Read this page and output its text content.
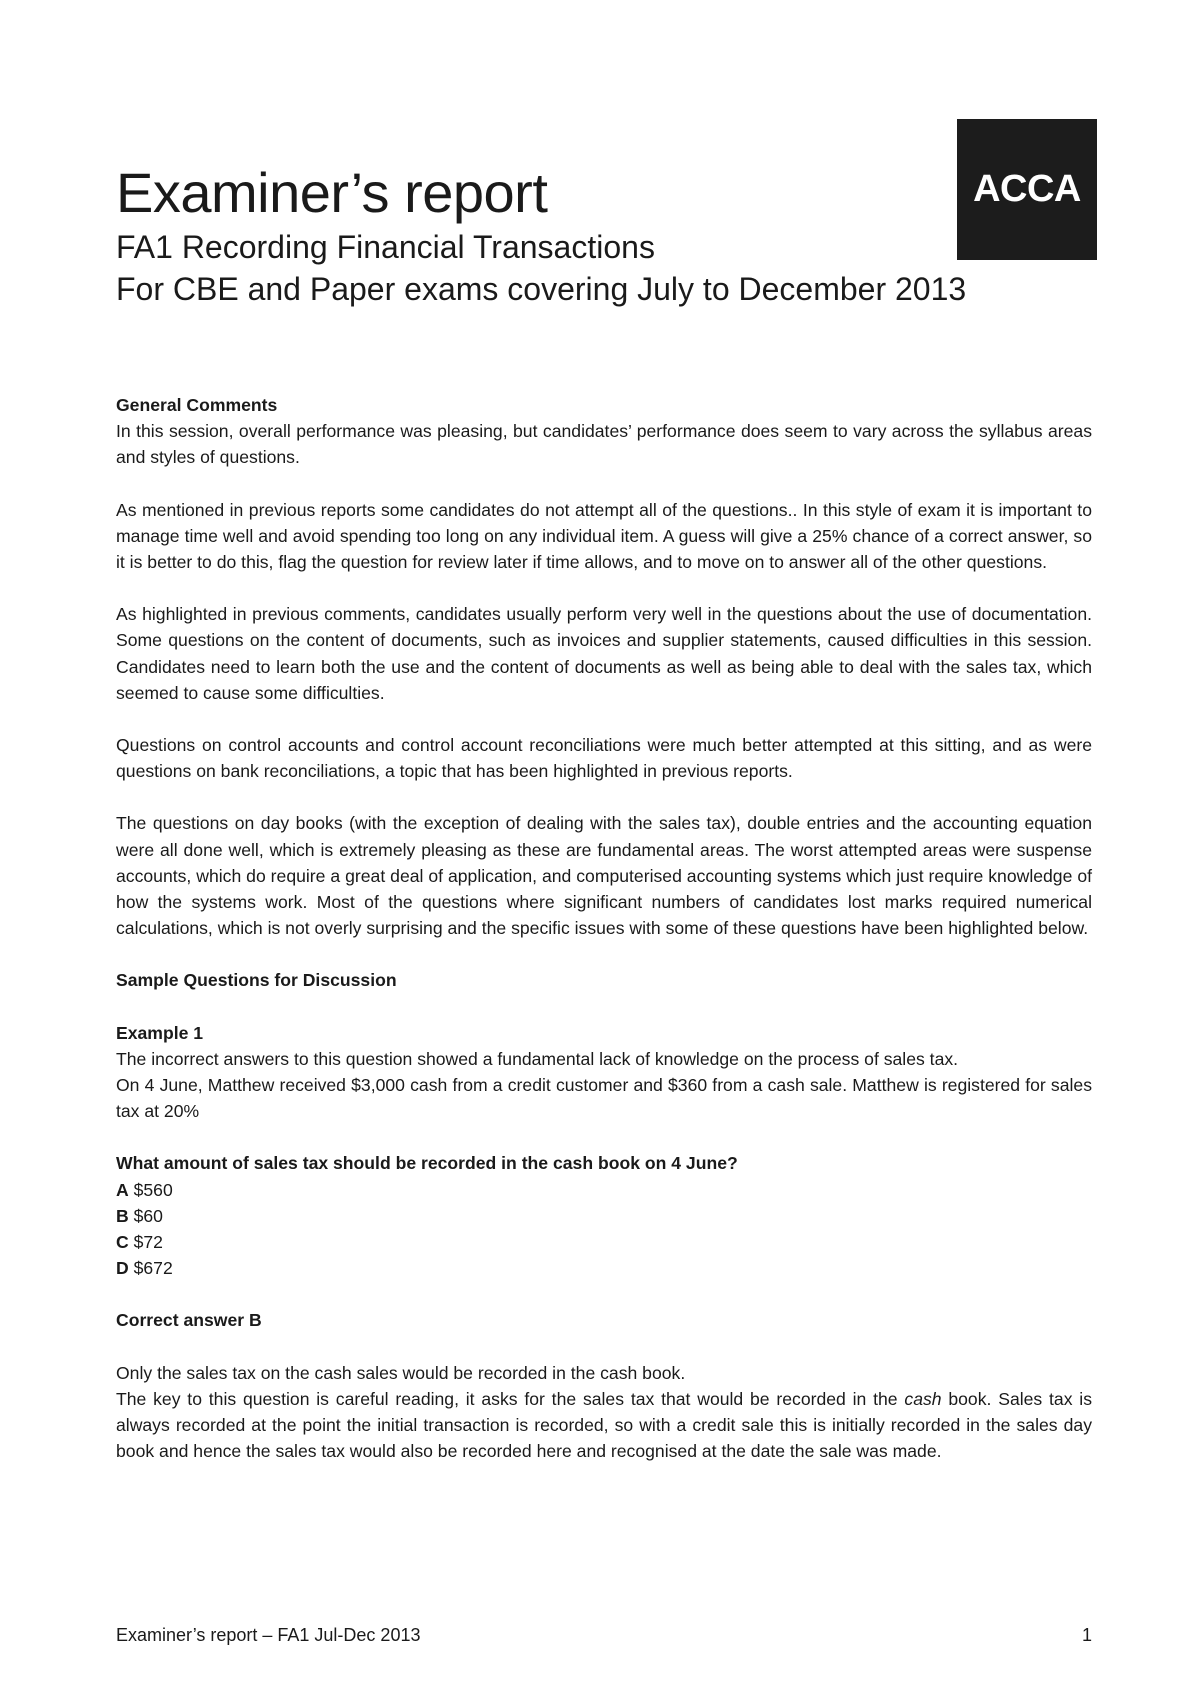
ACCA
Examiner’s report

FA1 Recording Financial Transactions

For CBE and Paper exams covering July to December 2013

General Comments

In this session, overall performance was pleasing, but candidates’ performance does seem to vary across the syllabus areas and styles of questions.

As mentioned in previous reports some candidates do not attempt all of the questions.. In this style of exam it is important to manage time well and avoid spending too long on any individual item. A guess will give a 25% chance of a correct answer, so it is better to do this, flag the question for review later if time allows, and to move on to answer all of the other questions.

As highlighted in previous comments, candidates usually perform very well in the questions about the use of documentation. Some questions on the content of documents, such as invoices and supplier statements, caused difficulties in this session. Candidates need to learn both the use and the content of documents as well as being able to deal with the sales tax, which seemed to cause some difficulties.

Questions on control accounts and control account reconciliations were much better attempted at this sitting, and as were questions on bank reconciliations, a topic that has been highlighted in previous reports.

The questions on day books (with the exception of dealing with the sales tax), double entries and the accounting equation were all done well, which is extremely pleasing as these are fundamental areas. The worst attempted areas were suspense accounts, which do require a great deal of application, and computerised accounting systems which just require knowledge of how the systems work. Most of the questions where significant numbers of candidates lost marks required numerical calculations, which is not overly surprising and the specific issues with some of these questions have been highlighted below.

Sample Questions for Discussion

Example 1

The incorrect answers to this question showed a fundamental lack of knowledge on the process of sales tax.

On 4 June, Matthew received $3,000 cash from a credit customer and $360 from a cash sale. Matthew is registered for sales tax at 20%

What amount of sales tax should be recorded in the cash book on 4 June?

A $560

B $60

C $72

D $672

Correct answer B

Only the sales tax on the cash sales would be recorded in the cash book.

The key to this question is careful reading, it asks for the sales tax that would be recorded in the cash book. Sales tax is always recorded at the point the initial transaction is recorded, so with a credit sale this is initially recorded in the sales day book and hence the sales tax would also be recorded here and recognised at the date the sale was made.

Examiner’s report – FA1 Jul-Dec 2013	1
